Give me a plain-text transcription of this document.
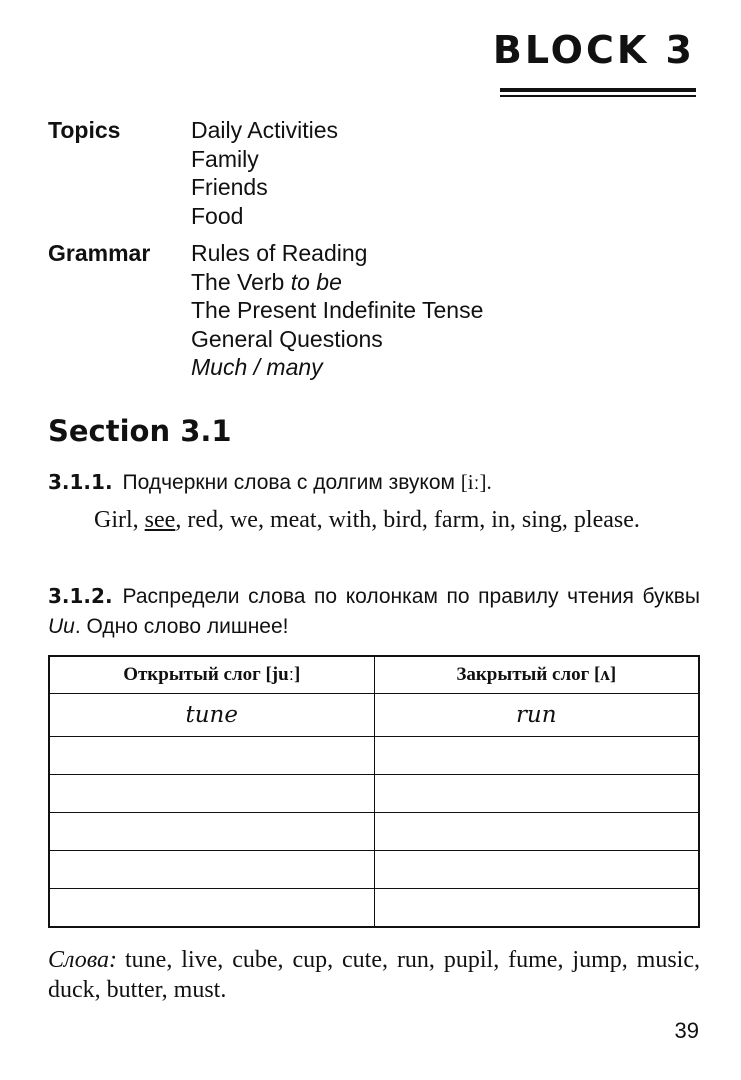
BLOCK 3
Topics	Daily Activities
Family
Friends
Food
Grammar	Rules of Reading
The Verb to be
The Present Indefinite Tense
General Questions
Much / many
Section 3.1
3.1.1. Подчеркни слова с долгим звуком [iː].
Girl, see, red, we, meat, with, bird, farm, in, sing, please.
3.1.2. Распредели слова по колонкам по правилу чтения буквы Uu. Одно слово лишнее!
Открытый слог [juː]	Закрытый слог [ʌ]
tune	run

Слова: tune, live, cube, cup, cute, run, pupil, fume, jump, music, duck, butter, must.
39
